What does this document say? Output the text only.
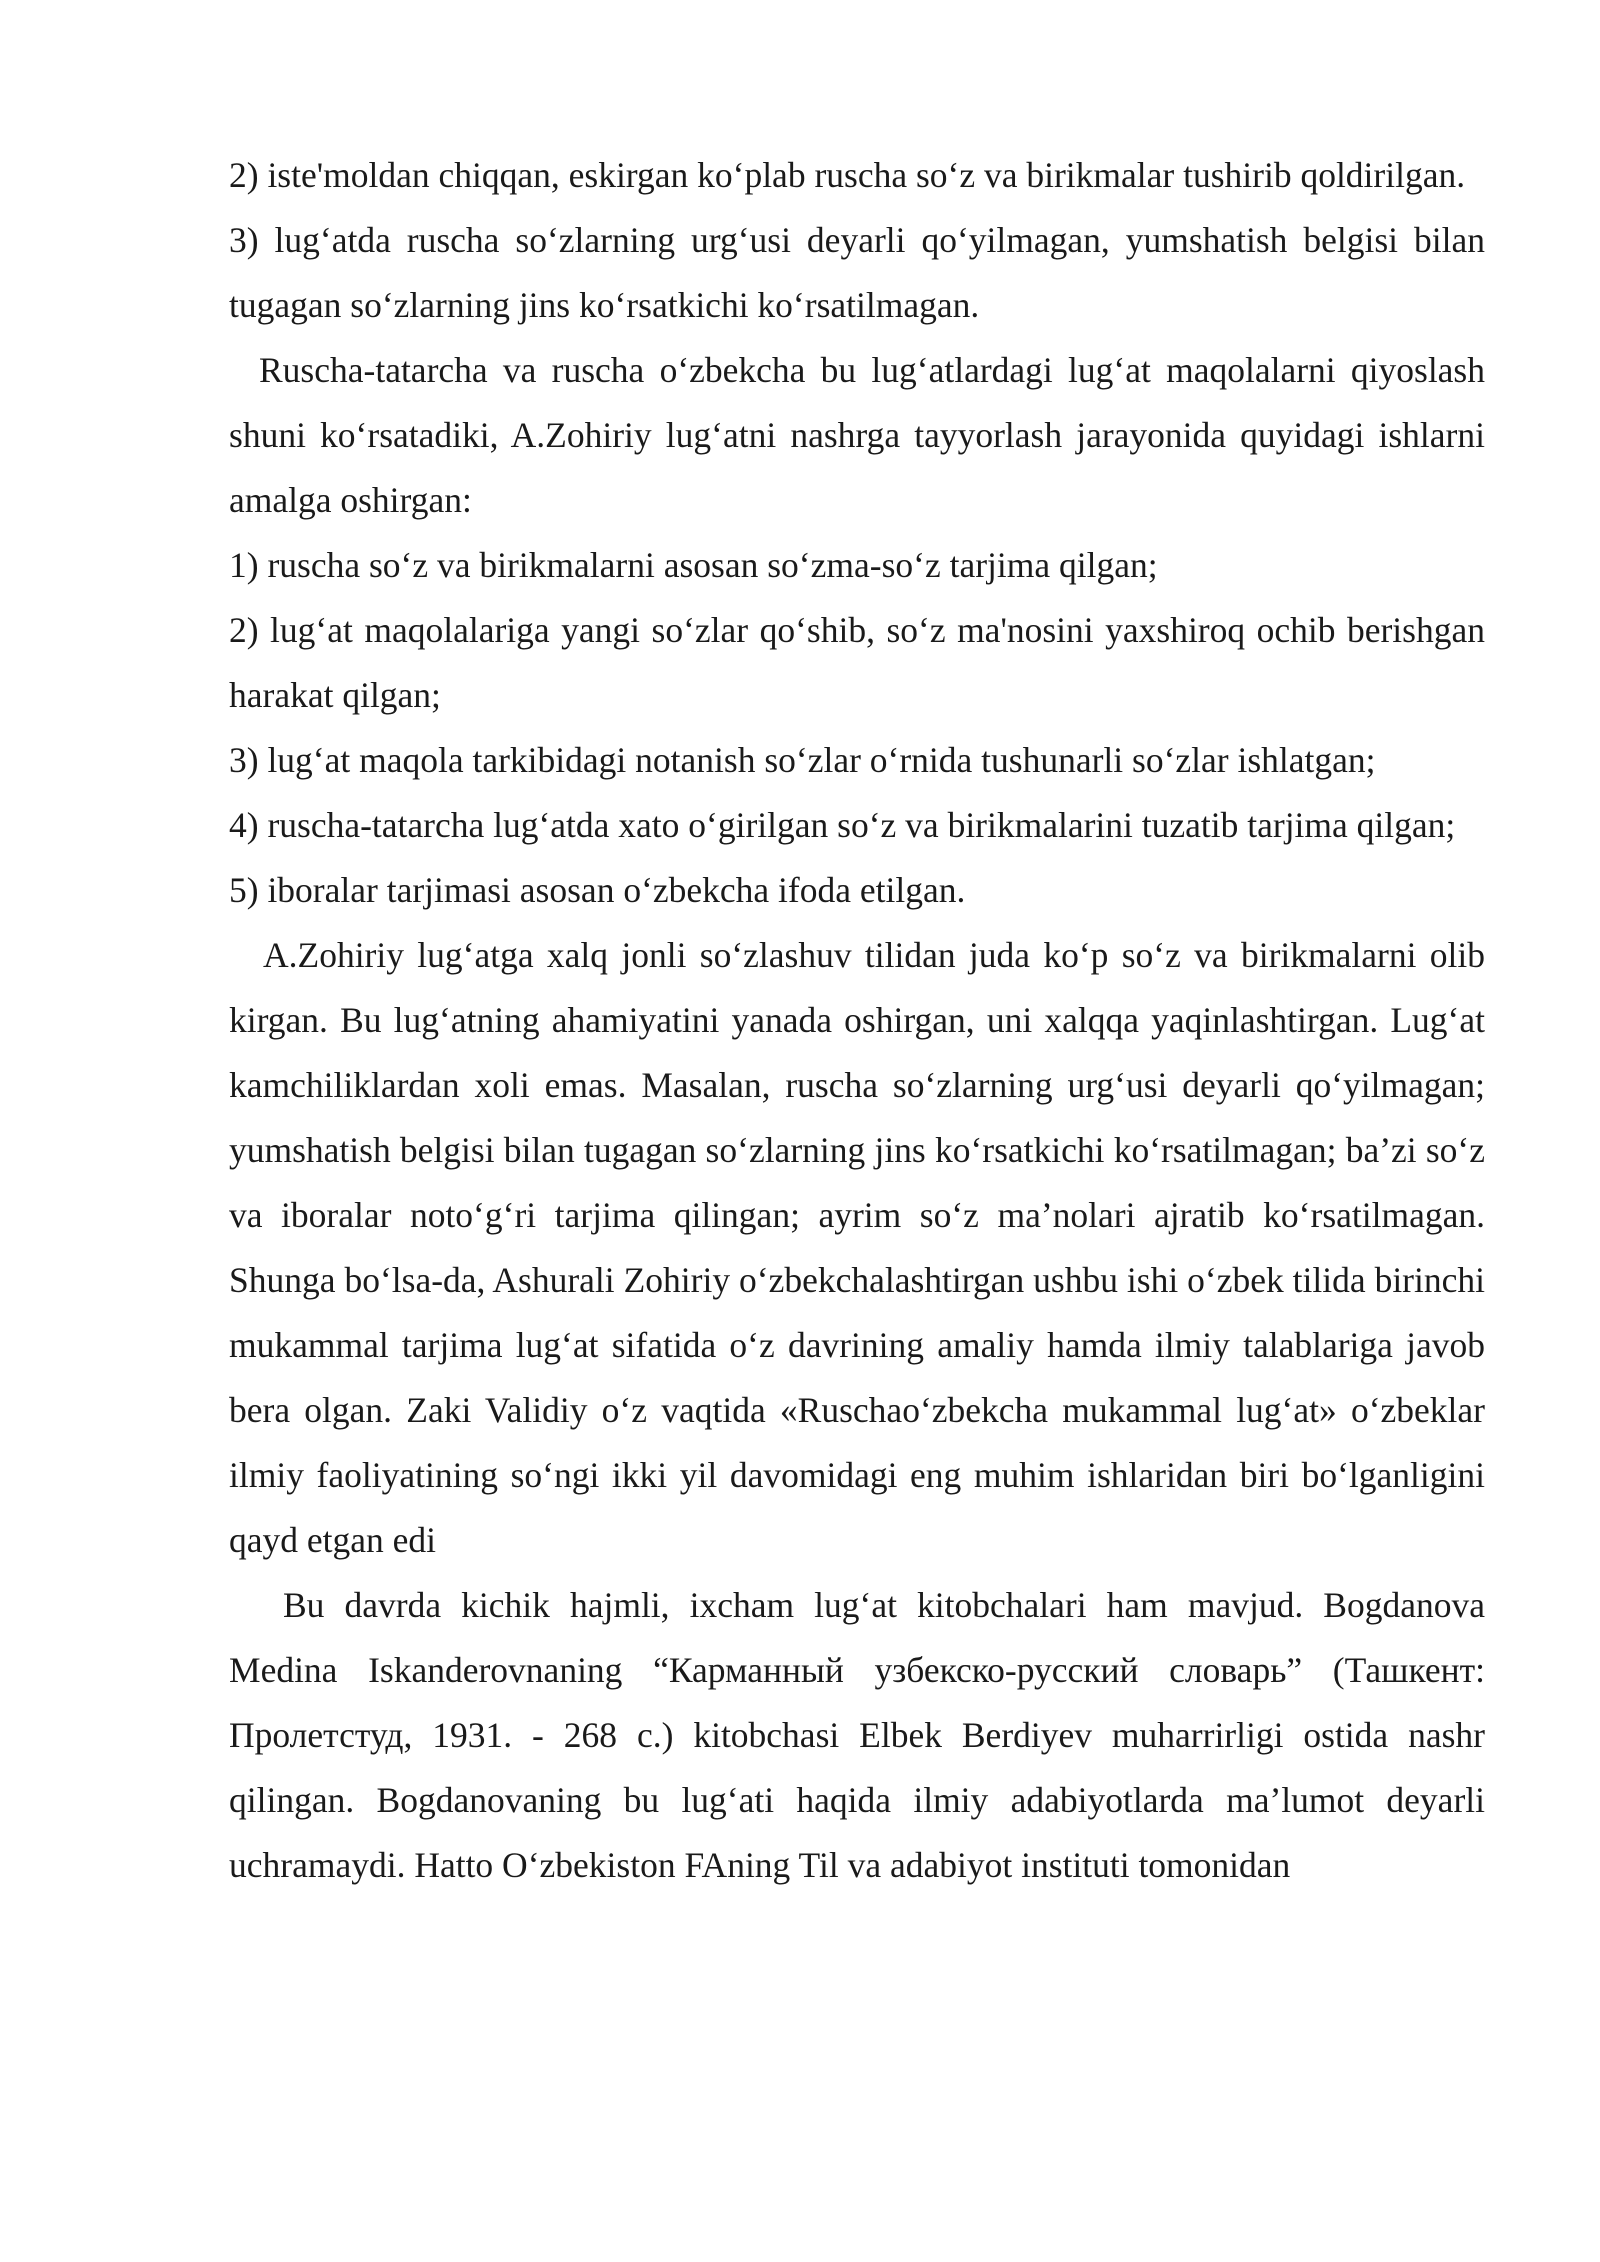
2) iste'moldan chiqqan, eskirgan ko‘plab ruscha so‘z va birikmalar tushirib qoldirilgan.

3) lug‘atda ruscha so‘zlarning urg‘usi deyarli qo‘yilmagan, yumshatish belgisi bilan tugagan so‘zlarning jins ko‘rsatkichi ko‘rsatilmagan.

Ruscha-tatarcha va ruscha o‘zbekcha bu lug‘atlardagi lug‘at maqolalarni qiyoslash shuni ko‘rsatadiki, A.Zohiriy lug‘atni nashrga tayyorlash jarayonida quyidagi ishlarni amalga oshirgan:

1) ruscha so‘z va birikmalarni asosan so‘zma-so‘z tarjima qilgan;

2) lug‘at maqolalariga yangi so‘zlar qo‘shib, so‘z ma'nosini yaxshiroq ochib berishgan harakat qilgan;

3) lug‘at maqola tarkibidagi notanish so‘zlar o‘rnida tushunarli so‘zlar ishlatgan;

4) ruscha-tatarcha lug‘atda xato o‘girilgan so‘z va birikmalarini tuzatib tarjima qilgan;

5) iboralar tarjimasi asosan o‘zbekcha ifoda etilgan.

A.Zohiriy lug‘atga xalq jonli so‘zlashuv tilidan juda ko‘p so‘z va birikmalarni olib kirgan. Bu lug‘atning ahamiyatini yanada oshirgan, uni xalqqa yaqinlashtirgan. Lug‘at kamchiliklardan xoli emas. Masalan, ruscha so‘zlarning urg‘usi deyarli qo‘yilmagan; yumshatish belgisi bilan tugagan so‘zlarning jins ko‘rsatkichi ko‘rsatilmagan; ba’zi so‘z va iboralar noto‘g‘ri tarjima qilingan; ayrim so‘z ma’nolari ajratib ko‘rsatilmagan. Shunga bo‘lsa-da, Ashurali Zohiriy o‘zbekchalashtirgan ushbu ishi o‘zbek tilida birinchi mukammal tarjima lug‘at sifatida o‘z davrining amaliy hamda ilmiy talablariga javob bera olgan. Zaki Validiy o‘z vaqtida «Ruschao‘zbekcha mukammal lug‘at» o‘zbeklar ilmiy faoliyatining so‘ngi ikki yil davomidagi eng muhim ishlaridan biri bo‘lganligini qayd etgan edi

Bu davrda kichik hajmli, ixcham lug‘at kitobchalari ham mavjud. Bogdanova Medina Iskanderovnaning “Карманный узбекско-русский словарь” (Ташкент: Пролетстуд, 1931. - 268 с.) kitobchasi Elbek Berdiyev muharrirligi ostida nashr qilingan. Bogdanovaning bu lug‘ati haqida ilmiy adabiyotlarda ma’lumot deyarli uchramaydi. Hatto O‘zbekiston FAning Til va adabiyot instituti tomonidan
